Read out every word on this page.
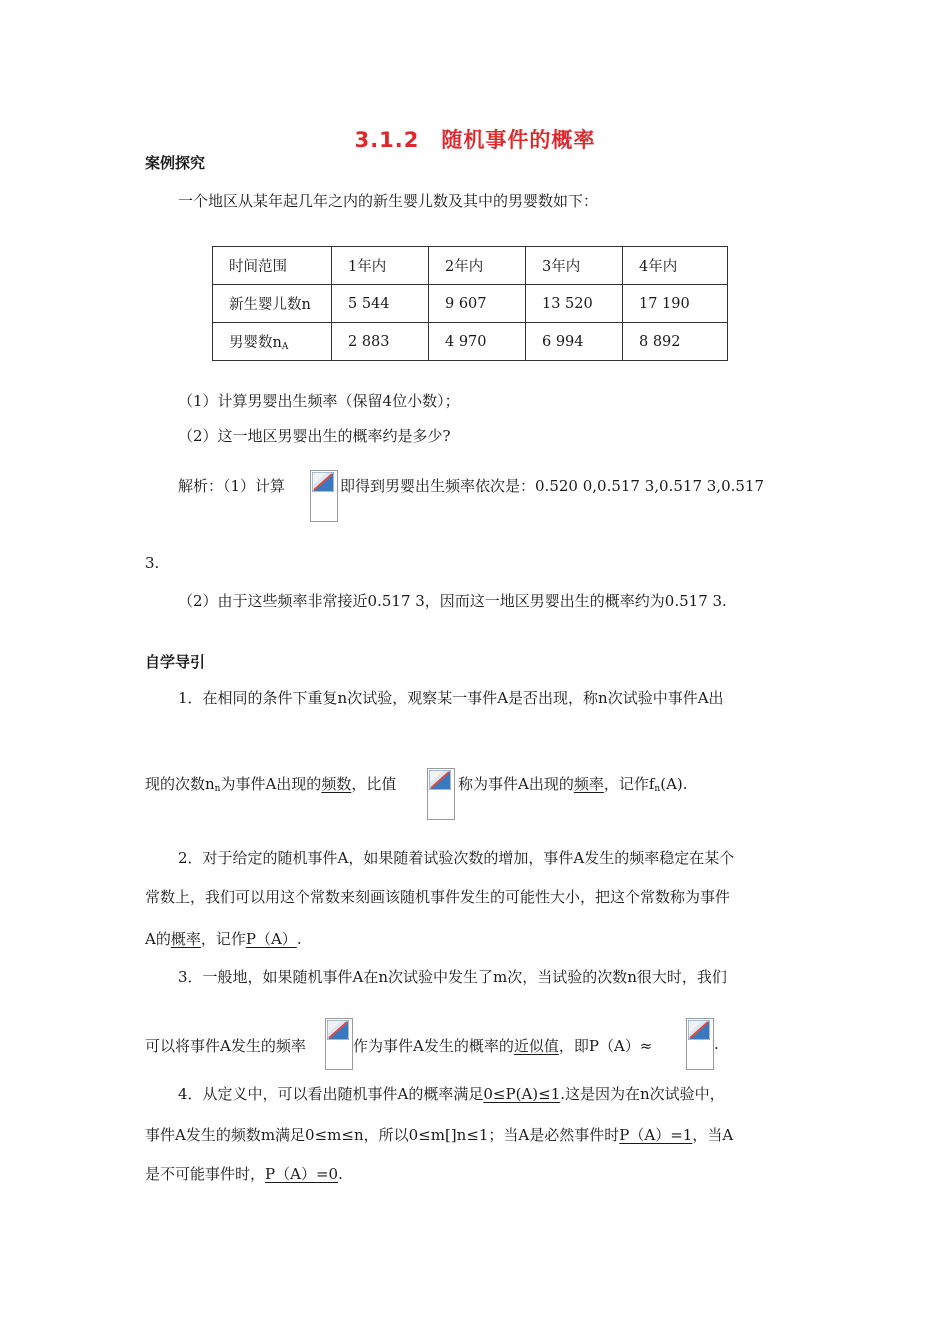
3.1.2　随机事件的概率
案例探究
一个地区从某年起几年之内的新生婴儿数及其中的男婴数如下：
时间范围	1年内	2年内	3年内	4年内
新生婴儿数n	5 544	9 607	13 520	17 190
男婴数$n_A$	2 883	4 970	6 994	8 892
（1）计算男婴出生频率（保留4位小数）；
（2）这一地区男婴出生的概率约是多少?
解析：（1）计算	即得到男婴出生频率依次是：0.520 0,0.517 3,0.517 3,0.517
3.
（2）由于这些频率非常接近0.517 3，因而这一地区男婴出生的概率约为0.517 3.
自学导引
1．在相同的条件下重复n次试验，观察某一事件A是否出现，称n次试验中事件A出
现的次数$n_n$为事件A出现的频数，比值	称为事件A出现的频率，记作$f_n(A)$.
2．对于给定的随机事件A，如果随着试验次数的增加，事件A发生的频率稳定在某个
常数上，我们可以用这个常数来刻画该随机事件发生的可能性大小，把这个常数称为事件
A的概率，记作P（A）.
3．一般地，如果随机事件A在n次试验中发生了m次，当试验的次数n很大时，我们
可以将事件A发生的频率	作为事件A发生的概率的近似值，即P（A）≈	.
4．从定义中，可以看出随机事件A的概率满足0≤P(A)≤1.这是因为在n次试验中，
事件A发生的频数m满足0≤m≤n，所以0≤m[]n≤1；当A是必然事件时P（A）=1，当A
是不可能事件时，P（A）=0.
